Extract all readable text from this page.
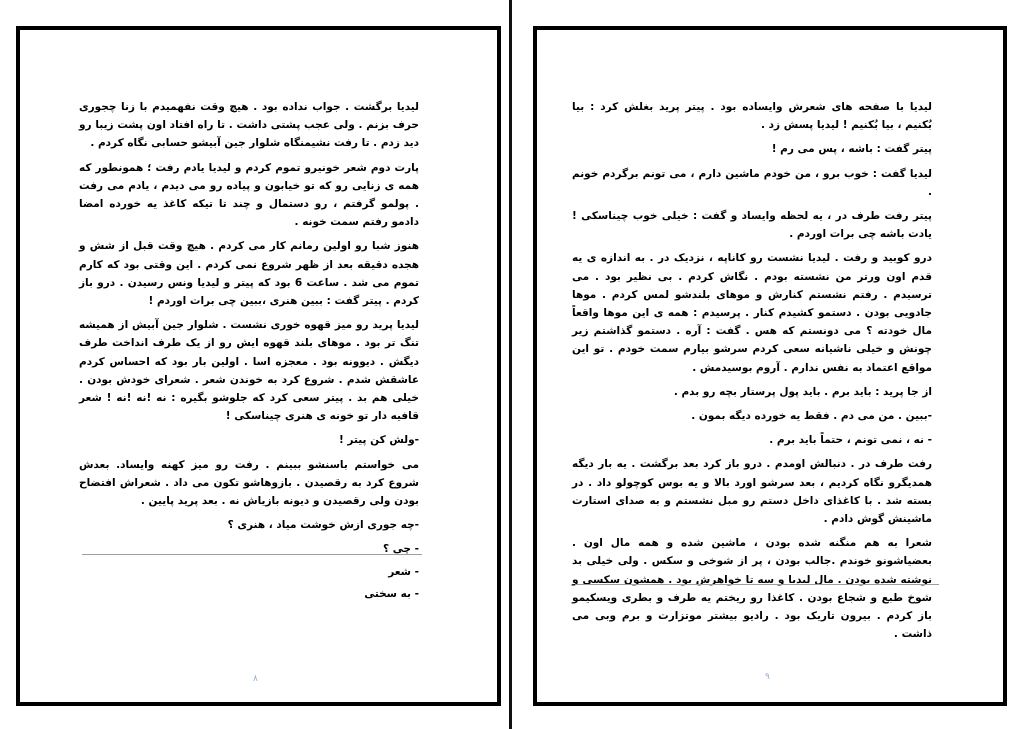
لیدیا برگشت . جواب نداده بود . هیچ وقت نفهمیدم با زنا چجوری حرف بزنم . ولی عجب پشتی داشت . تا راه افتاد اون پشت زیبا رو دید زدم . تا رفت نشیمنگاه شلوار جین آبیشو حسابی نگاه کردم .

پارت دوم شعر خونیرو تموم کردم و لیدیا یادم رفت ؛ همونطور که همه ی زنایی رو که تو خیابون و پیاده رو می دیدم ، یادم می رفت . پولمو گرفتم ، رو دستمال و چند تا تیکه کاغذ یه خورده امضا دادمو رفتم سمت خونه .

هنوز شبا رو اولین رمانم کار می کردم . هیچ وقت قبل از شش و هجده دقیقه بعد از ظهر شروع نمی کردم . این وقتی بود که کارم تموم می شد . ساعت 6 بود که پیتر و لیدیا ونس رسیدن . درو باز کردم . پیتر گفت : ببین هنری ،ببین چی برات اوردم !

لیدیا پرید رو میز قهوه خوری نشست . شلوار جین آبیش از همیشه تنگ تر بود . موهای بلند قهوه ایش رو از یک طرف انداخت طرف دیگش . دیوونه بود . معجزه اسا . اولین بار بود که احساس کردم عاشقش شدم . شروع کرد به خوندن شعر . شعرای خودش بودن . خیلی هم بد . پیتر سعی کرد که جلوشو بگیره : نه !نه !نه ! شعر قافیه دار تو خونه ی هنری چیناسکی !

-ولش کن پیتر !

می خواستم باسنشو ببینم . رفت رو میز کهنه وایساد. بعدش شروع کرد به رقصیدن . بازوهاشو تکون می داد . شعراش افتضاح بودن ولی رقصیدن و دیونه بازیاش نه . بعد پرید پایین .

-چه جوری ازش خوشت میاد ، هنری ؟

- چی ؟

- شعر

- به سختی

۸

لیدیا با صفحه های شعرش وایساده بود . پیتر پرید بغلش کرد : بیا بُکنیم ، بیا بُکنیم ! لیدیا پسش زد .

پیتر گفت : باشه ، پس می رم !

لیدیا گفت : خوب برو ، من خودم ماشین دارم ، می تونم برگردم خونم .

پیتر رفت طرف در ، یه لحظه وایساد و گفت : خیلی خوب چیناسکی ! یادت باشه چی برات اوردم .

درو کوبید و رفت . لیدیا نشست رو کاناپه ، نزدیک در . به اندازه ی یه قدم اون ورتر من نشسته بودم . نگاش کردم . بی نظیر بود . می ترسیدم . رفتم نشستم کنارش و موهای بلندشو لمس کردم . موها جادویی بودن . دستمو کشیدم کنار . پرسیدم : همه ی این موها واقعاً مال خودته ؟ می دونستم که هس . گفت : آره . دستمو گذاشتم زیر چونش و خیلی ناشیانه سعی کردم سرشو بیارم سمت خودم . تو این مواقع اعتماد به نفس ندارم . آروم بوسیدمش .

از جا پرید : باید برم . باید پول پرستار بچه رو بدم .

-ببین . من می دم . فقط یه خورده دیگه بمون .

- نه ، نمی تونم ، حتماً باید برم .

رفت طرف در . دنبالش اومدم . درو باز کرد بعد برگشت . یه بار دیگه همدیگرو نگاه کردیم ، بعد سرشو اورد بالا و یه بوس کوچولو داد . در بسته شد . با کاغذای داخل دستم رو مبل نشستم و به صدای استارت ماشینش گوش دادم .

شعرا به هم منگنه شده بودن ، ماشین شده و همه مال اون . بعضیاشونو خوندم .جالب بودن ، پر از شوخی و سکس . ولی خیلی بد نوشته شده بودن . مال لیدیا و سه تا خواهرش بود . همشون سکسی و شوخ طبع و شجاع بودن . کاغذا رو ریختم یه طرف و بطری ویسکیمو باز کردم . بیرون تاریک بود . رادیو بیشتر موتزارت و برم وبی می ذاشت .

۹
